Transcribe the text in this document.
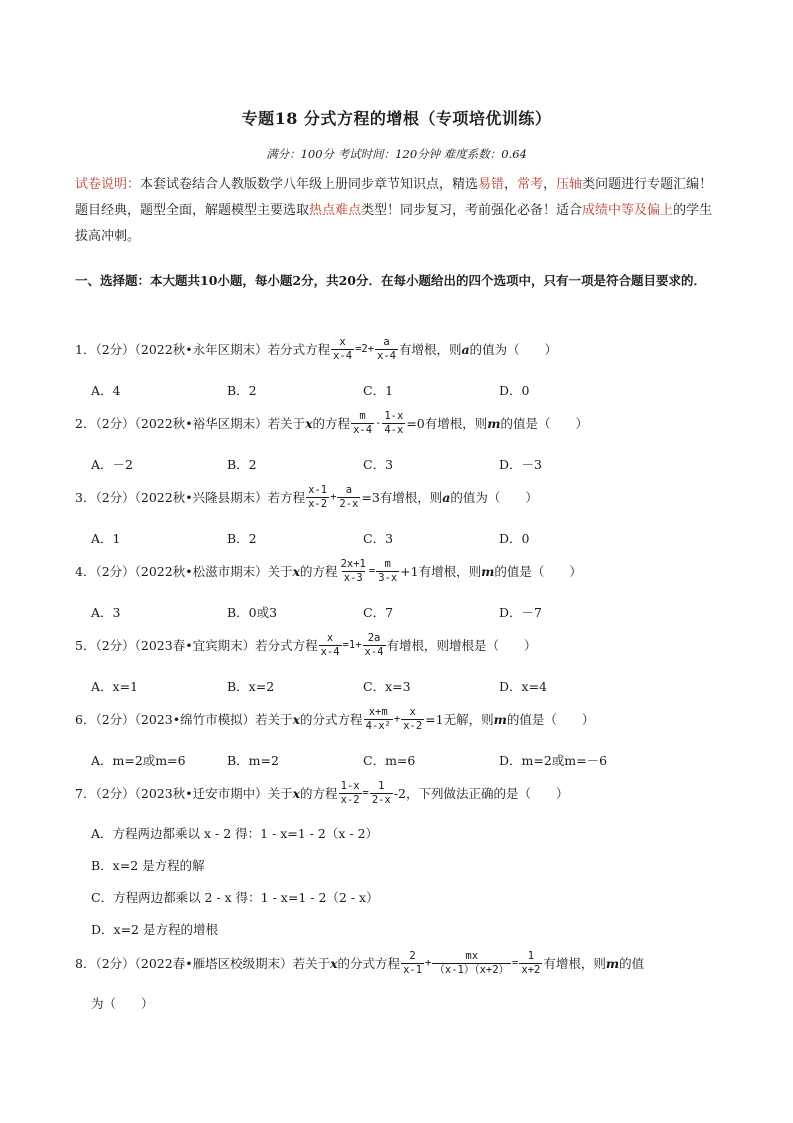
专题18 分式方程的增根（专项培优训练）
满分：100分 考试时间：120分钟 难度系数：0.64
试卷说明：本套试卷结合人教版数学八年级上册同步章节知识点，精选易错，常考，压轴类问题进行专题汇编！题目经典，题型全面，解题模型主要选取热点难点类型！同步复习，考前强化必备！适合成绩中等及偏上的学生拔高冲刺。
一、选择题：本大题共10小题，每小题2分，共20分．在每小题给出的四个选项中，只有一项是符合题目要求的．
1．（2分）（2022秋•永年区期末）若分式方程 $\frac{x}{x-4} =2+ \frac{a}{x-4}$ 有增根，则 a 的值为（　　）
A．4	B．2	C．1	D．0
2．（2分）（2022秋•裕华区期末）若关于 x 的方程 $\frac{m}{x-4} - \frac{1-x}{4-x} =0$有增根，则 m 的值是（　　）
A．－2	B．2	C．3	D．－3
3．（2分）（2022秋•兴隆县期末）若方程 $\frac{x-1}{x-2} + \frac{a}{2-x} =3$有增根，则 a 的值为（　　）
A．1	B．2	C．3	D．0
4．（2分）（2022秋•松滋市期末）关于 x 的方程 $\frac{2x+1}{x-3} = \frac{m}{3-x} +1$有增根，则 m 的值是（　　）
A．3	B．0或3	C．7	D．－7
5．（2分）（2023春•宜宾期末）若分式方程 $\frac{x}{x-4} =1+ \frac{2a}{x-4}$ 有增根，则增根是（　　）
A．x=1	B．x=2	C．x=3	D．x=4
6．（2分）（2023•绵竹市模拟）若关于 x 的分式方程 $\frac{x+m}{\text{4-x²}} + \frac{x}{x-2} =1$无解，则 m 的值是（　　）
A．m=2或m=6	B．m=2	C．m=6	D．m=2或m=－6
7．（2分）（2023秋•迁安市期中）关于 x 的方程 $\frac{1-x}{x-2} = \frac{1}{2-x} -2$，下列做法正确的是（　　）
A．方程两边都乘以 x - 2 得：1 - x=1 - 2（x - 2）
B．x=2 是方程的解
C．方程两边都乘以 2 - x 得：1 - x=1 - 2（2 - x）
D．x=2 是方程的增根
8．（2分）（2022春•雁塔区校级期末）若关于 x 的分式方程 $\frac{2}{x-1} + \frac{mx}{(x-1)(x+2)} = \frac{1}{x+2}$ 有增根，则 m 的值
为（　　）
